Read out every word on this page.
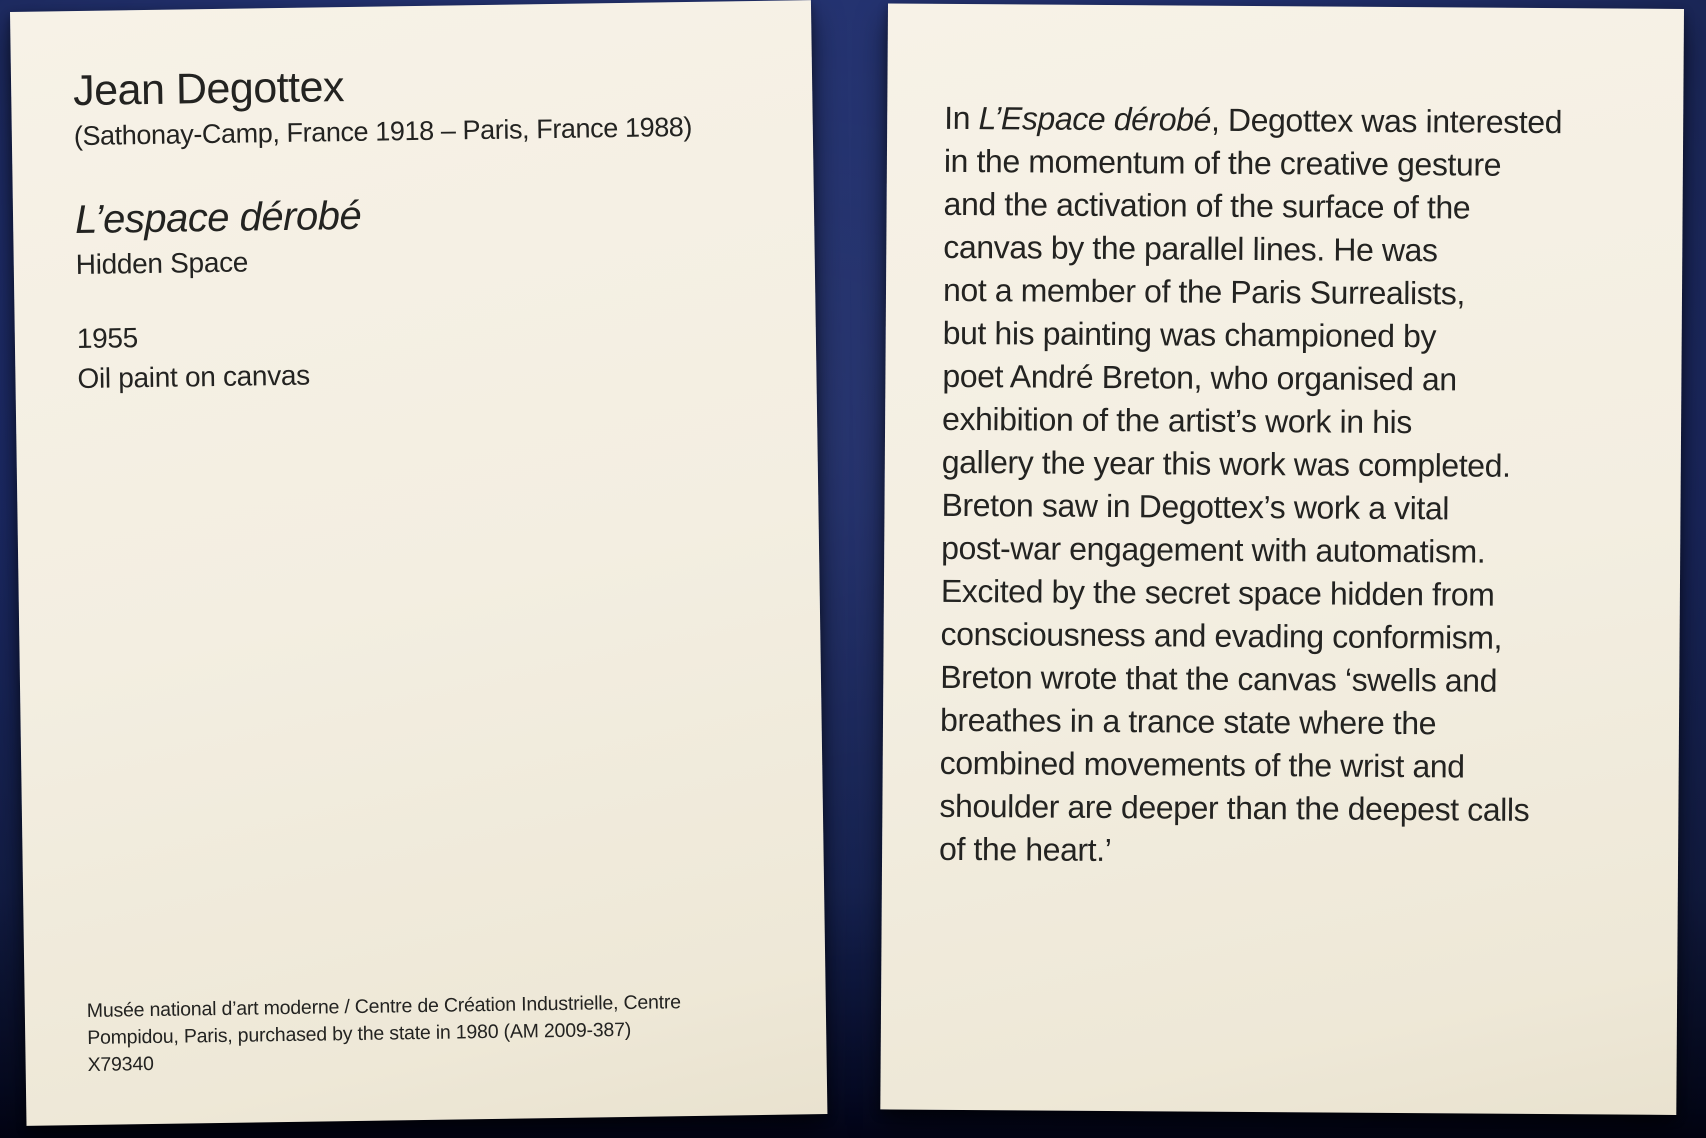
Jean Degottex
(Sathonay-Camp, France 1918 – Paris, France 1988)
L’espace dérobé
Hidden Space
1955
Oil paint on canvas
Musée national d’art moderne / Centre de Création Industrielle, Centre
Pompidou, Paris, purchased by the state in 1980 (AM 2009-387)
X79340

In L’Espace dérobé, Degottex was interested
in the momentum of the creative gesture
and the activation of the surface of the
canvas by the parallel lines. He was
not a member of the Paris Surrealists,
but his painting was championed by
poet André Breton, who organised an
exhibition of the artist’s work in his
gallery the year this work was completed.
Breton saw in Degottex’s work a vital
post-war engagement with automatism.
Excited by the secret space hidden from
consciousness and evading conformism,
Breton wrote that the canvas ‘swells and
breathes in a trance state where the
combined movements of the wrist and
shoulder are deeper than the deepest calls
of the heart.’
